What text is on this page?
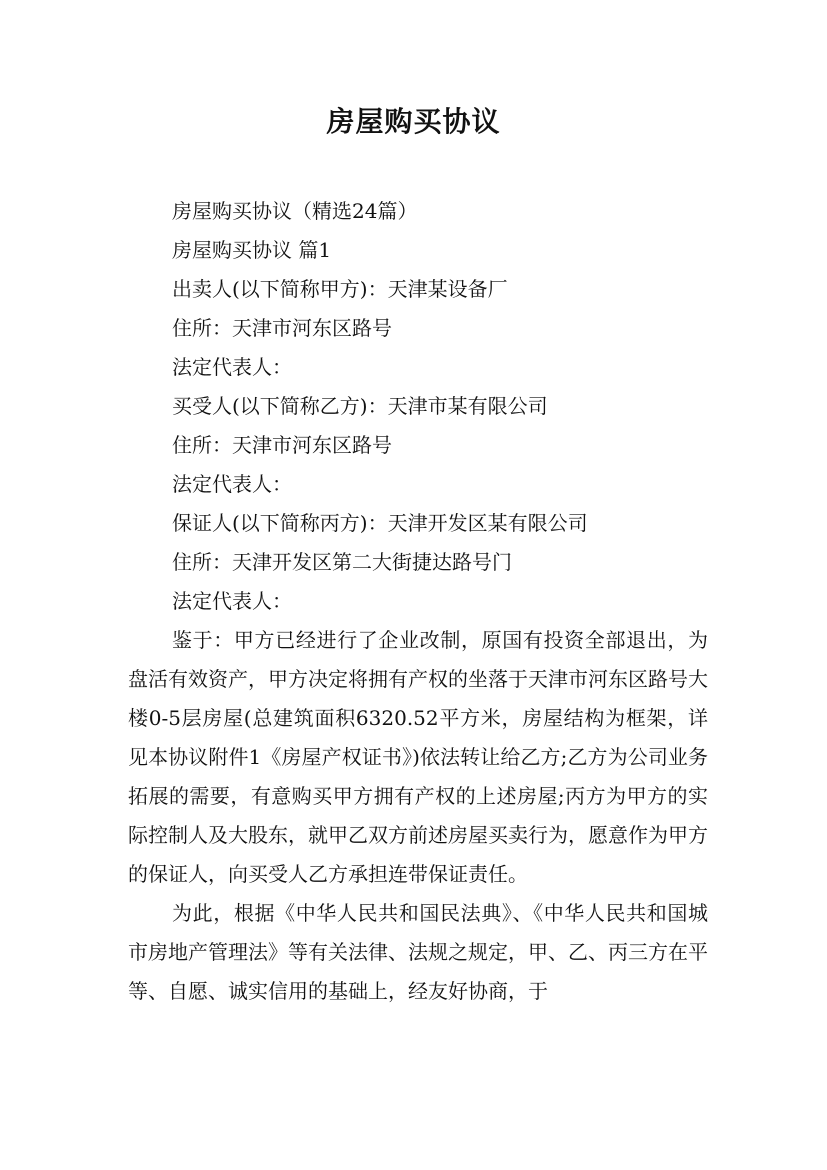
房屋购买协议

房屋购买协议（精选24篇）

房屋购买协议 篇1

出卖人(以下简称甲方)：天津某设备厂

住所：天津市河东区路号

法定代表人：

买受人(以下简称乙方)：天津市某有限公司

住所：天津市河东区路号

法定代表人：

保证人(以下简称丙方)：天津开发区某有限公司

住所：天津开发区第二大街捷达路号门

法定代表人：

鉴于：甲方已经进行了企业改制，原国有投资全部退出，为盘活有效资产，甲方决定将拥有产权的坐落于天津市河东区路号大楼0-5层房屋(总建筑面积6320.52平方米，房屋结构为框架，详见本协议附件1《房屋产权证书》)依法转让给乙方;乙方为公司业务拓展的需要，有意购买甲方拥有产权的上述房屋;丙方为甲方的实际控制人及大股东，就甲乙双方前述房屋买卖行为，愿意作为甲方的保证人，向买受人乙方承担连带保证责任。

为此，根据《中华人民共和国民法典》、《中华人民共和国城市房地产管理法》等有关法律、法规之规定，甲、乙、丙三方在平等、自愿、诚实信用的基础上，经友好协商，于
